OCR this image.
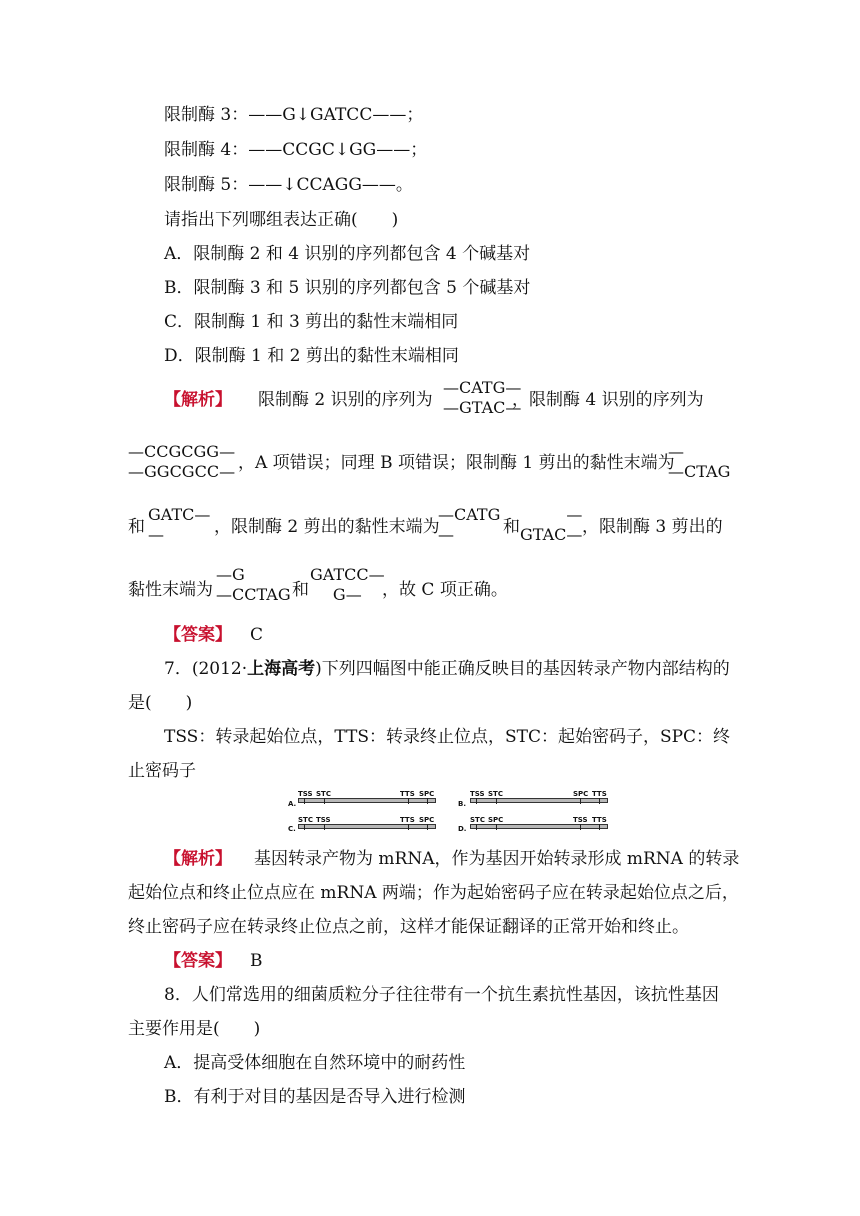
限制酶 3：——G↓GATCC——；
限制酶 4：——CCGC↓GG——；
限制酶 5：——↓CCAGG——。
请指出下列哪组表达正确(　　)
A．限制酶 2 和 4 识别的序列都包含 4 个碱基对
B．限制酶 3 和 5 识别的序列都包含 5 个碱基对
C．限制酶 1 和 3 剪出的黏性末端相同
D．限制酶 1 和 2 剪出的黏性末端相同
【解析】 限制酶 2 识别的序列为
—CATG—
—GTAC—
，限制酶 4 识别的序列为
—CCGCGG—
—GGCGCC— ，A 项错误；同理 B 项错误；限制酶 1 剪出的黏性末端为
—
—CTAG
和
GATC—
—	，限制酶 2 剪出的黏性末端为
—CATG
—	和
—
GTAC— ，限制酶 3 剪出的
黏性末端为
—G
—CCTAG 和
GATCC—
G—	，故 C 项正确。
【答案】 C
7．(2012·上海高考)下列四幅图中能正确反映目的基因转录产物内部结构的
是(　　)
TSS：转录起始位点，TTS：转录终止位点，STC：起始密码子，SPC：终
止密码子
A.
TSS STC	TTS SPC
B.
TSS STC	SPC TTS
C.
STC TSS	TTS SPC
D.
STC SPC	TSS TTS
【解析】 基因转录产物为 mRNA，作为基因开始转录形成 mRNA 的转录
起始位点和终止位点应在 mRNA 两端；作为起始密码子应在转录起始位点之后，
终止密码子应在转录终止位点之前，这样才能保证翻译的正常开始和终止。
【答案】 B
8．人们常选用的细菌质粒分子往往带有一个抗生素抗性基因，该抗性基因
主要作用是(　　)
A．提高受体细胞在自然环境中的耐药性
B．有利于对目的基因是否导入进行检测
